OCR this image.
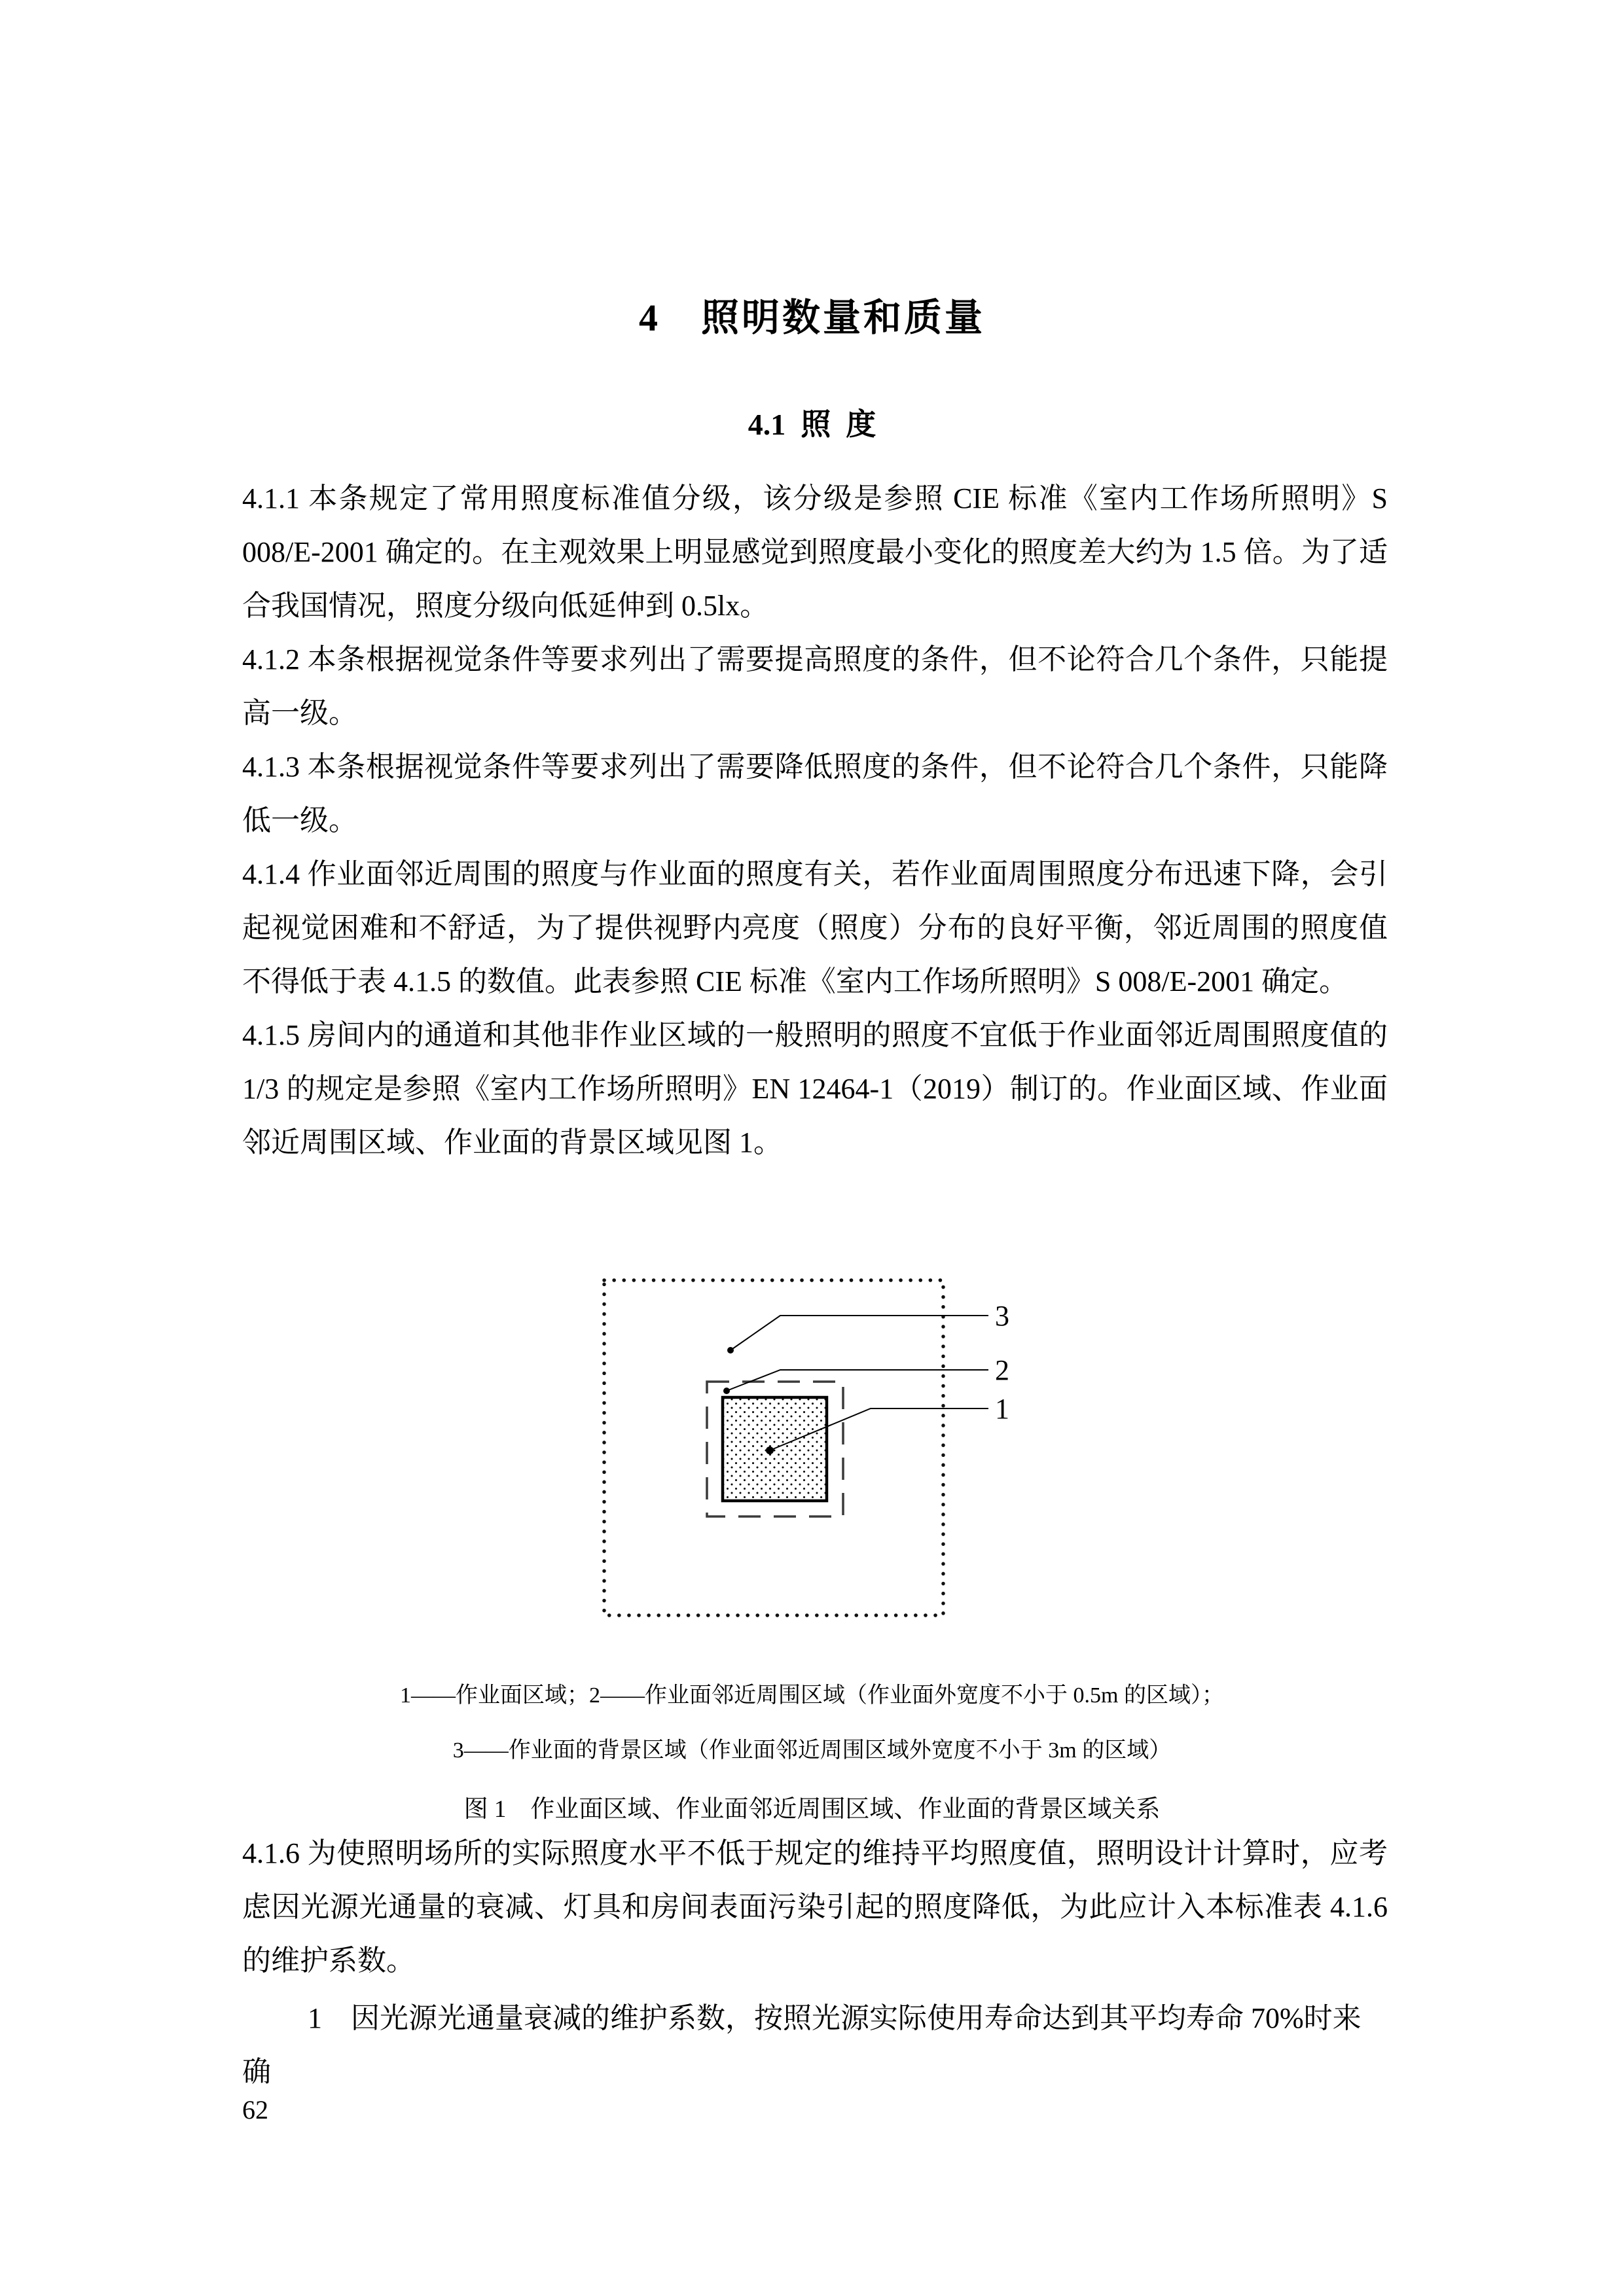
4　照明数量和质量
4.1  照  度

4.1.1 本条规定了常用照度标准值分级，该分级是参照 CIE 标准《室内工作场所照明》S 008/E-2001 确定的。在主观效果上明显感觉到照度最小变化的照度差大约为 1.5 倍。为了适合我国情况，照度分级向低延伸到 0.5lx。

4.1.2 本条根据视觉条件等要求列出了需要提高照度的条件，但不论符合几个条件，只能提高一级。

4.1.3 本条根据视觉条件等要求列出了需要降低照度的条件，但不论符合几个条件，只能降低一级。

4.1.4 作业面邻近周围的照度与作业面的照度有关，若作业面周围照度分布迅速下降，会引起视觉困难和不舒适，为了提供视野内亮度（照度）分布的良好平衡，邻近周围的照度值不得低于表 4.1.5 的数值。此表参照 CIE 标准《室内工作场所照明》S 008/E-2001 确定。

4.1.5 房间内的通道和其他非作业区域的一般照明的照度不宜低于作业面邻近周围照度值的 1/3 的规定是参照《室内工作场所照明》EN 12464-1（2019）制订的。作业面区域、作业面邻近周围区域、作业面的背景区域见图 1。

3
2
1
1——作业面区域；2——作业面邻近周围区域（作业面外宽度不小于 0.5m 的区域）；
3——作业面的背景区域（作业面邻近周围区域外宽度不小于 3m 的区域）
图 1　作业面区域、作业面邻近周围区域、作业面的背景区域关系

4.1.6 为使照明场所的实际照度水平不低于规定的维持平均照度值，照明设计计算时，应考虑因光源光通量的衰减、灯具和房间表面污染引起的照度降低，为此应计入本标准表 4.1.6 的维护系数。

1　因光源光通量衰减的维护系数，按照光源实际使用寿命达到其平均寿命 70%时来确

62
